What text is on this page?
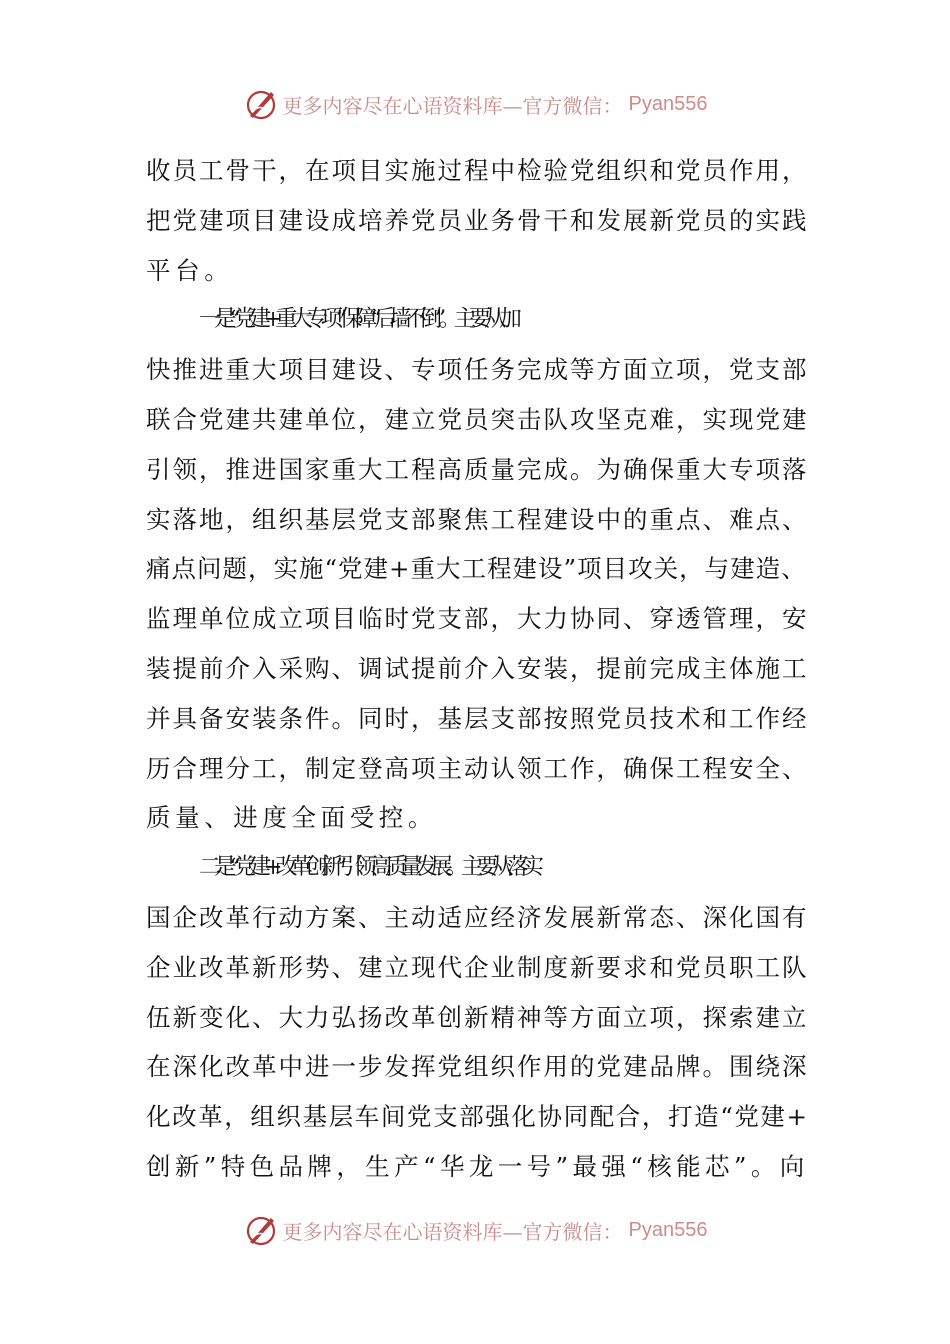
更多内容尽在心语资料库—官方微信： Pyan556
收员工骨干，在项目实施过程中检验党组织和党员作用，
把党建项目建设成培养党员业务骨干和发展新党员的实践
平台。
一是“党建+重大专项”保障“后墙不倒”。主要从加
快推进重大项目建设、专项任务完成等方面立项，党支部
联合党建共建单位，建立党员突击队攻坚克难，实现党建
引领，推进国家重大工程高质量完成。为确保重大专项落
实落地，组织基层党支部聚焦工程建设中的重点、难点、
痛点问题，实施“党建+重大工程建设”项目攻关，与建造、
监理单位成立项目临时党支部，大力协同、穿透管理，安
装提前介入采购、调试提前介入安装，提前完成主体施工
并具备安装条件。同时，基层支部按照党员技术和工作经
历合理分工，制定登高项主动认领工作，确保工程安全、
质量、进度全面受控。
二是“党建+改革创新”引领高质量发展。主要从落实
国企改革行动方案、主动适应经济发展新常态、深化国有
企业改革新形势、建立现代企业制度新要求和党员职工队
伍新变化、大力弘扬改革创新精神等方面立项，探索建立
在深化改革中进一步发挥党组织作用的党建品牌。围绕深
化改革，组织基层车间党支部强化协同配合，打造“党建+
创新”特色品牌，生产“华龙一号”最强“核能芯”。向
更多内容尽在心语资料库—官方微信： Pyan556
